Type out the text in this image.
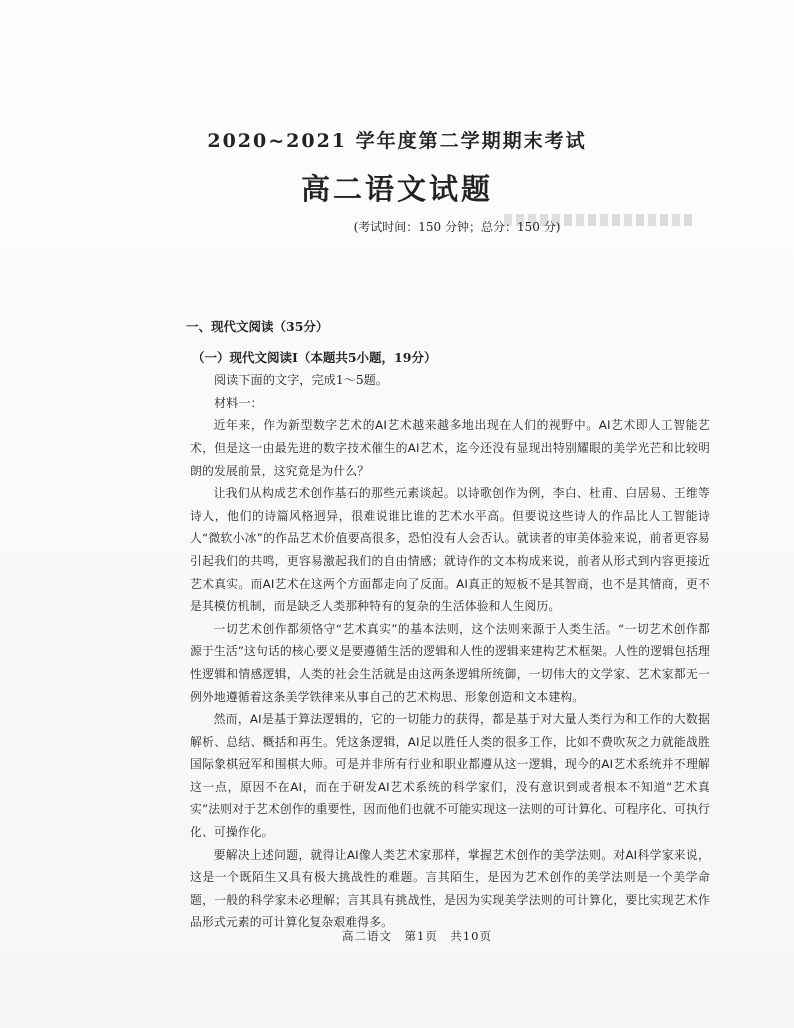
2020~2021 学年度第二学期期末考试
高二语文试题
(考试时间：150 分钟；总分：150 分)
一、现代文阅读（35分）
（一）现代文阅读Ⅰ（本题共5小题，19分）
阅读下面的文字，完成1～5题。
材料一：

近年来，作为新型数字艺术的AI艺术越来越多地出现在人们的视野中。AI艺术即人工智能艺术，但是这一由最先进的数字技术催生的AI艺术，迄今还没有显现出特别耀眼的美学光芒和比较明朗的发展前景，这究竟是为什么？

让我们从构成艺术创作基石的那些元素谈起。以诗歌创作为例，李白、杜甫、白居易、王维等诗人，他们的诗篇风格迥异，很难说谁比谁的艺术水平高。但要说这些诗人的作品比人工智能诗人“微软小冰”的作品艺术价值要高很多，恐怕没有人会否认。就读者的审美体验来说，前者更容易引起我们的共鸣，更容易激起我们的自由情感；就诗作的文本构成来说，前者从形式到内容更接近艺术真实。而AI艺术在这两个方面都走向了反面。AI真正的短板不是其智商，也不是其情商，更不是其模仿机制，而是缺乏人类那种特有的复杂的生活体验和人生阅历。

一切艺术创作都须恪守“艺术真实”的基本法则，这个法则来源于人类生活。“一切艺术创作都源于生活”这句话的核心要义是要遵循生活的逻辑和人性的逻辑来建构艺术框架。人性的逻辑包括理性逻辑和情感逻辑，人类的社会生活就是由这两条逻辑所统御，一切伟大的文学家、艺术家都无一例外地遵循着这条美学铁律来从事自己的艺术构思、形象创造和文本建构。

然而，AI是基于算法逻辑的，它的一切能力的获得，都是基于对大量人类行为和工作的大数据解析、总结、概括和再生。凭这条逻辑，AI足以胜任人类的很多工作，比如不费吹灰之力就能战胜国际象棋冠军和围棋大师。可是并非所有行业和职业都遵从这一逻辑，现今的AI艺术系统并不理解这一点，原因不在AI，而在于研发AI艺术系统的科学家们，没有意识到或者根本不知道“艺术真实”法则对于艺术创作的重要性，因而他们也就不可能实现这一法则的可计算化、可程序化、可执行化、可操作化。

要解决上述问题，就得让AI像人类艺术家那样，掌握艺术创作的美学法则。对AI科学家来说，这是一个既陌生又具有极大挑战性的难题。言其陌生，是因为艺术创作的美学法则是一个美学命题，一般的科学家未必理解；言其具有挑战性，是因为实现美学法则的可计算化，要比实现艺术作品形式元素的可计算化复杂艰难得多。

高二语文　第1页　共10页
